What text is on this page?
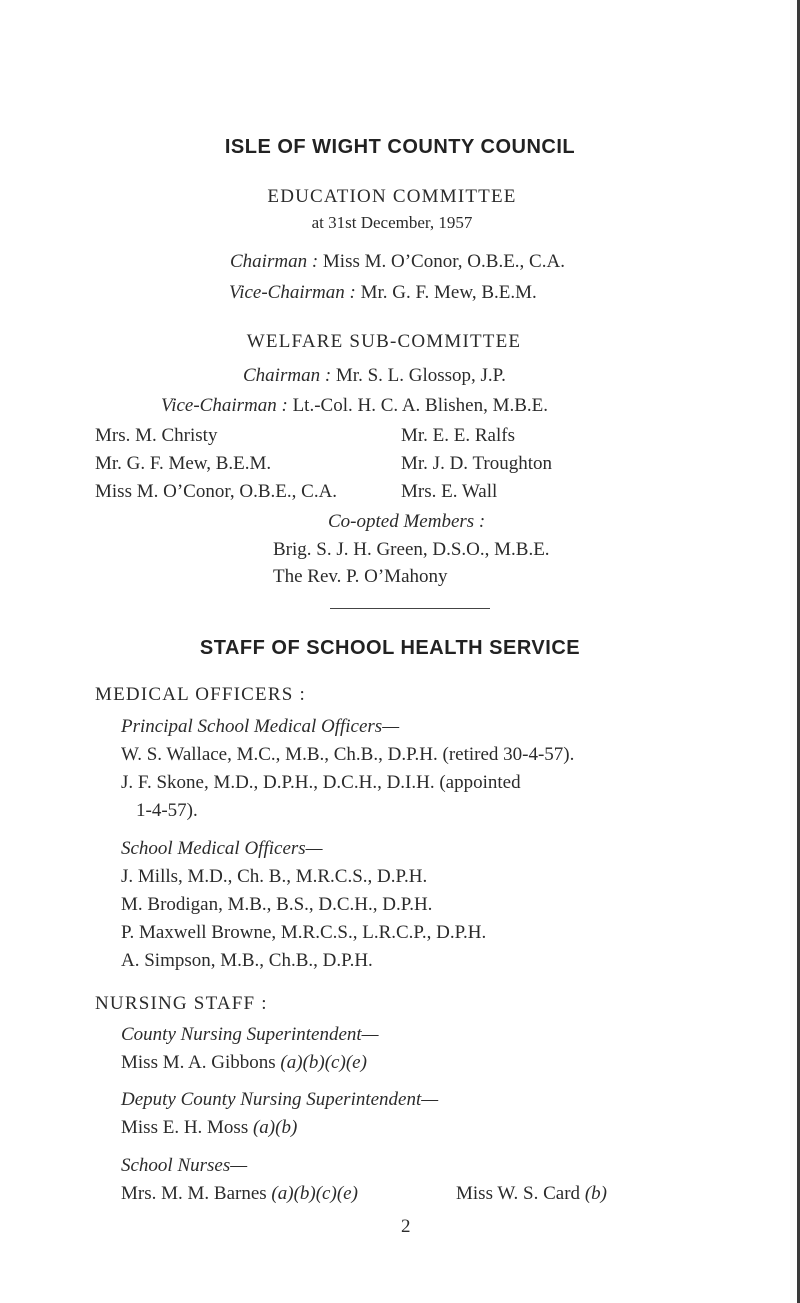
ISLE OF WIGHT COUNTY COUNCIL
EDUCATION COMMITTEE
at 31st December, 1957
Chairman : Miss M. O’Conor, O.B.E., C.A.
Vice-Chairman : Mr. G. F. Mew, B.E.M.
WELFARE SUB-COMMITTEE
Chairman : Mr. S. L. Glossop, J.P.
Vice-Chairman : Lt.-Col. H. C. A. Blishen, M.B.E.
Mrs. M. Christy
Mr. G. F. Mew, B.E.M.
Miss M. O’Conor, O.B.E., C.A.
Mr. E. E. Ralfs
Mr. J. D. Troughton
Mrs. E. Wall
Co-opted Members :
Brig. S. J. H. Green, D.S.O., M.B.E.
The Rev. P. O’Mahony
STAFF OF SCHOOL HEALTH SERVICE
MEDICAL OFFICERS :
Principal School Medical Officers—
W. S. Wallace, M.C., M.B., Ch.B., D.P.H. (retired 30-4-57).
J. F. Skone, M.D., D.P.H., D.C.H., D.I.H. (appointed
1-4-57).
School Medical Officers—
J. Mills, M.D., Ch. B., M.R.C.S., D.P.H.
M. Brodigan, M.B., B.S., D.C.H., D.P.H.
P. Maxwell Browne, M.R.C.S., L.R.C.P., D.P.H.
A. Simpson, M.B., Ch.B., D.P.H.
NURSING STAFF :
County Nursing Superintendent—
Miss M. A. Gibbons (a)(b)(c)(e)
Deputy County Nursing Superintendent—
Miss E. H. Moss (a)(b)
School Nurses—
Mrs. M. M. Barnes (a)(b)(c)(e)	Miss W. S. Card (b)
2
